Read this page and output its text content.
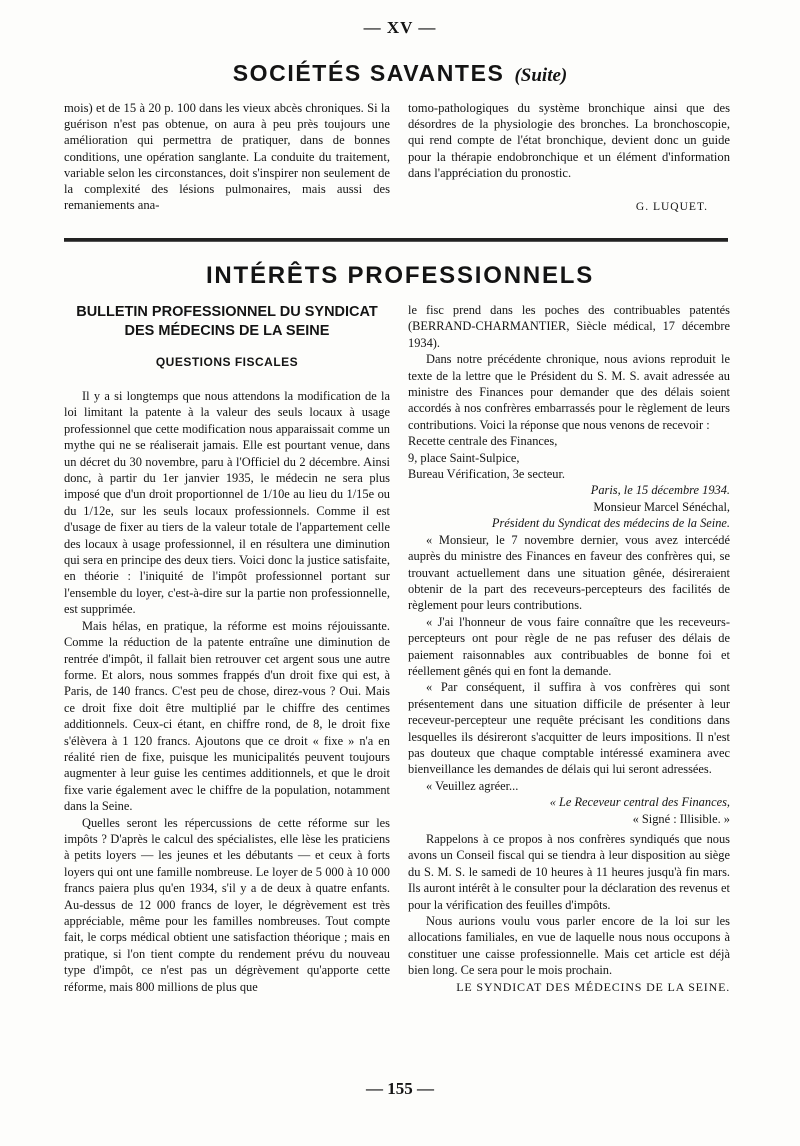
— XV —
SOCIÉTÉS SAVANTES (Suite)

mois) et de 15 à 20 p. 100 dans les vieux abcès chroniques. Si la guérison n'est pas obtenue, on aura à peu près toujours une amélioration qui permettra de pratiquer, dans de bonnes conditions, une opération sanglante. La conduite du traitement, variable selon les circonstances, doit s'inspirer non seulement de la complexité des lésions pulmonaires, mais aussi des remaniements ana-

tomo-pathologiques du système bronchique ainsi que des désordres de la physiologie des bronches. La bronchoscopie, qui rend compte de l'état bronchique, devient donc un guide pour la thérapie endobronchique et un élément d'information dans l'appréciation du pronostic.

G. LUQUET.
INTÉRÊTS PROFESSIONNELS
BULLETIN PROFESSIONNEL DU SYNDICAT
DES MÉDECINS DE LA SEINE
QUESTIONS FISCALES

Il y a si longtemps que nous attendons la modification de la loi limitant la patente à la valeur des seuls locaux à usage professionnel que cette modification nous apparaissait comme un mythe qui ne se réaliserait jamais. Elle est pourtant venue, dans un décret du 30 novembre, paru à l'Officiel du 2 décembre. Ainsi donc, à partir du 1er janvier 1935, le médecin ne sera plus imposé que d'un droit proportionnel de 1/10e au lieu du 1/15e ou du 1/12e, sur les seuls locaux professionnels. Comme il est d'usage de fixer au tiers de la valeur totale de l'appartement celle des locaux à usage professionnel, il en résultera une diminution qui sera en principe des deux tiers. Voici donc la justice satisfaite, en théorie : l'iniquité de l'impôt professionnel portant sur l'ensemble du loyer, c'est-à-dire sur la partie non professionnelle, est supprimée.

Mais hélas, en pratique, la réforme est moins réjouissante. Comme la réduction de la patente entraîne une diminution de rentrée d'impôt, il fallait bien retrouver cet argent sous une autre forme. Et alors, nous sommes frappés d'un droit fixe qui est, à Paris, de 140 francs. C'est peu de chose, direz-vous ? Oui. Mais ce droit fixe doit être multiplié par le chiffre des centimes additionnels. Ceux-ci étant, en chiffre rond, de 8, le droit fixe s'élèvera à 1 120 francs. Ajoutons que ce droit « fixe » n'a en réalité rien de fixe, puisque les municipalités peuvent toujours augmenter à leur guise les centimes additionnels, et que le droit fixe varie également avec le chiffre de la population, notamment dans la Seine.

Quelles seront les répercussions de cette réforme sur les impôts ? D'après le calcul des spécialistes, elle lèse les praticiens à petits loyers — les jeunes et les débutants — et ceux à forts loyers qui ont une famille nombreuse. Le loyer de 5 000 à 10 000 francs paiera plus qu'en 1934, s'il y a de deux à quatre enfants. Au-dessus de 12 000 francs de loyer, le dégrèvement est très appréciable, même pour les familles nombreuses. Tout compte fait, le corps médical obtient une satisfaction théorique ; mais en pratique, si l'on tient compte du rendement prévu du nouveau type d'impôt, ce n'est pas un dégrèvement qu'apporte cette réforme, mais 800 millions de plus que

le fisc prend dans les poches des contribuables patentés (BERRAND-CHARMANTIER, Siècle médical, 17 décembre 1934).

Dans notre précédente chronique, nous avions reproduit le texte de la lettre que le Président du S. M. S. avait adressée au ministre des Finances pour demander que des délais soient accordés à nos confrères embarrassés pour le règlement de leurs contributions. Voici la réponse que nous venons de recevoir :

Recette centrale des Finances,

9, place Saint-Sulpice,

Bureau Vérification, 3e secteur.

Paris, le 15 décembre 1934.

Monsieur Marcel Sénéchal,

Président du Syndicat des médecins de la Seine.

« Monsieur, le 7 novembre dernier, vous avez intercédé auprès du ministre des Finances en faveur des confrères qui, se trouvant actuellement dans une situation gênée, désireraient obtenir de la part des receveurs-percepteurs des facilités de règlement pour leurs contributions.

« J'ai l'honneur de vous faire connaître que les receveurs-percepteurs ont pour règle de ne pas refuser des délais de paiement raisonnables aux contribuables de bonne foi et réellement gênés qui en font la demande.

« Par conséquent, il suffira à vos confrères qui sont présentement dans une situation difficile de présenter à leur receveur-percepteur une requête précisant les conditions dans lesquelles ils désireront s'acquitter de leurs impositions. Il n'est pas douteux que chaque comptable intéressé examinera avec bienveillance les demandes de délais qui lui seront adressées.

« Veuillez agréer...

« Le Receveur central des Finances,

« Signé : Illisible. »

Rappelons à ce propos à nos confrères syndiqués que nous avons un Conseil fiscal qui se tiendra à leur disposition au siège du S. M. S. le samedi de 10 heures à 11 heures jusqu'à fin mars. Ils auront intérêt à le consulter pour la déclaration des revenus et pour la vérification des feuilles d'impôts.

Nous aurions voulu vous parler encore de la loi sur les allocations familiales, en vue de laquelle nous nous occupons à constituer une caisse professionnelle. Mais cet article est déjà bien long. Ce sera pour le mois prochain.

LE SYNDICAT DES MÉDECINS DE LA SEINE.

— 155 —
